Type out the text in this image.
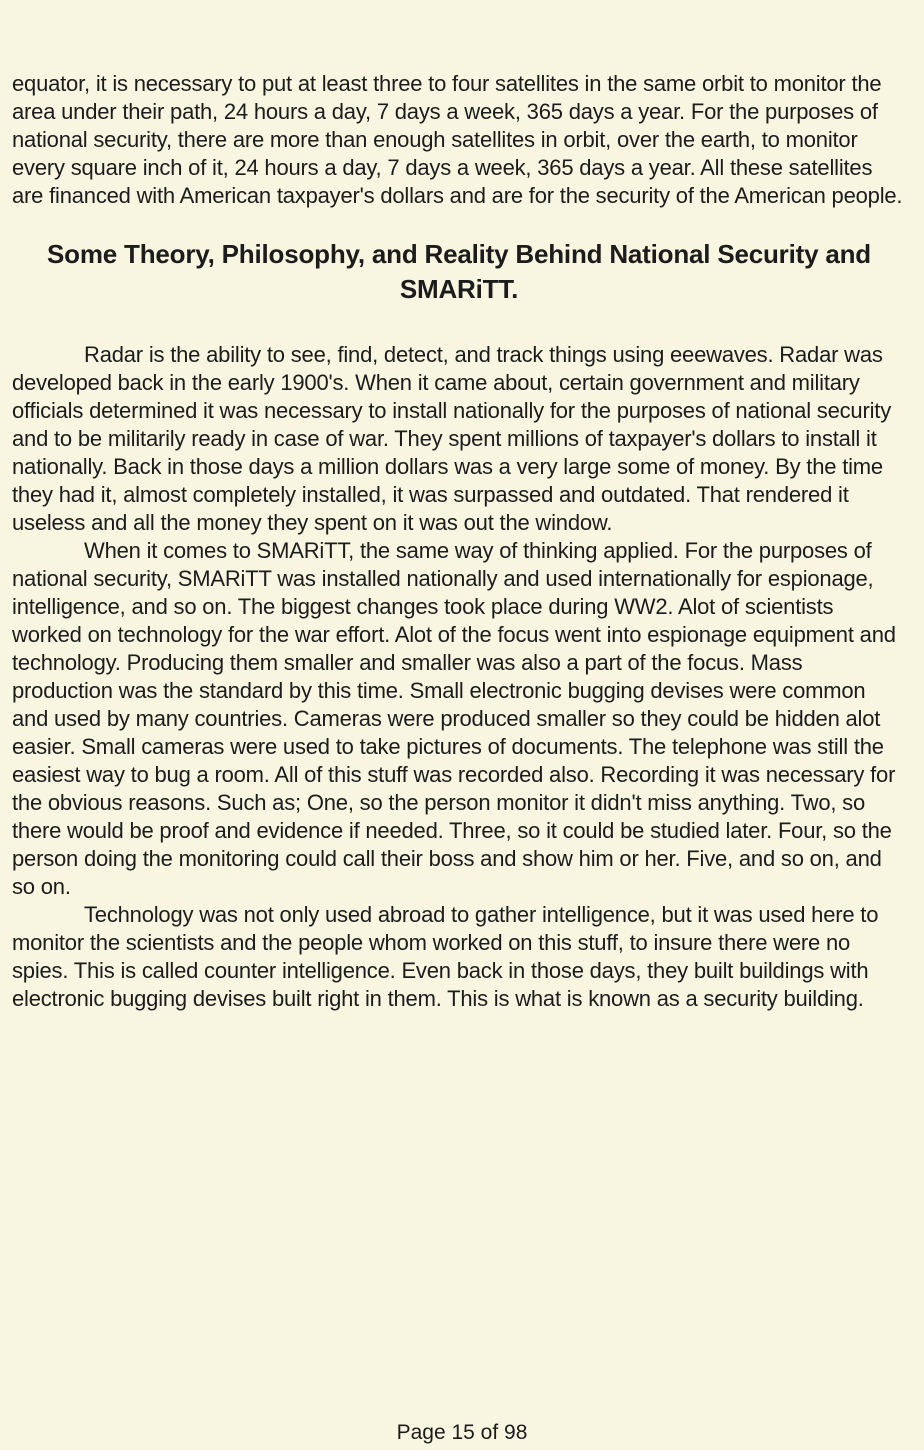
equator, it is necessary to put at least three to four satellites in the same orbit to monitor the area under their path, 24 hours a day, 7 days a week, 365 days a year. For the purposes of national security, there are more than enough satellites in orbit, over the earth, to monitor every square inch of it, 24 hours a day, 7 days a week, 365 days a year. All these satellites are financed with American taxpayer's dollars and are for the security of the American people.

Some Theory, Philosophy, and Reality Behind National Security and SMARiTT.

Radar is the ability to see, find, detect, and track things using eeewaves. Radar was developed back in the early 1900's. When it came about, certain government and military officials determined it was necessary to install nationally for the purposes of national security and to be militarily ready in case of war. They spent millions of taxpayer's dollars to install it nationally. Back in those days a million dollars was a very large some of money. By the time they had it, almost completely installed, it was surpassed and outdated. That rendered it useless and all the money they spent on it was out the window.

When it comes to SMARiTT, the same way of thinking applied. For the purposes of national security, SMARiTT was installed nationally and used internationally for espionage, intelligence, and so on. The biggest changes took place during WW2. Alot of scientists worked on technology for the war effort. Alot of the focus went into espionage equipment and technology. Producing them smaller and smaller was also a part of the focus. Mass production was the standard by this time. Small electronic bugging devises were common and used by many countries. Cameras were produced smaller so they could be hidden alot easier. Small cameras were used to take pictures of documents. The telephone was still the easiest way to bug a room. All of this stuff was recorded also. Recording it was necessary for the obvious reasons. Such as; One, so the person monitor it didn't miss anything. Two, so there would be proof and evidence if needed. Three, so it could be studied later. Four, so the person doing the monitoring could call their boss and show him or her. Five, and so on, and so on.

Technology was not only used abroad to gather intelligence, but it was used here to monitor the scientists and the people whom worked on this stuff, to insure there were no spies. This is called counter intelligence. Even back in those days, they built buildings with electronic bugging devises built right in them. This is what is known as a security building.

Page 15 of 98
